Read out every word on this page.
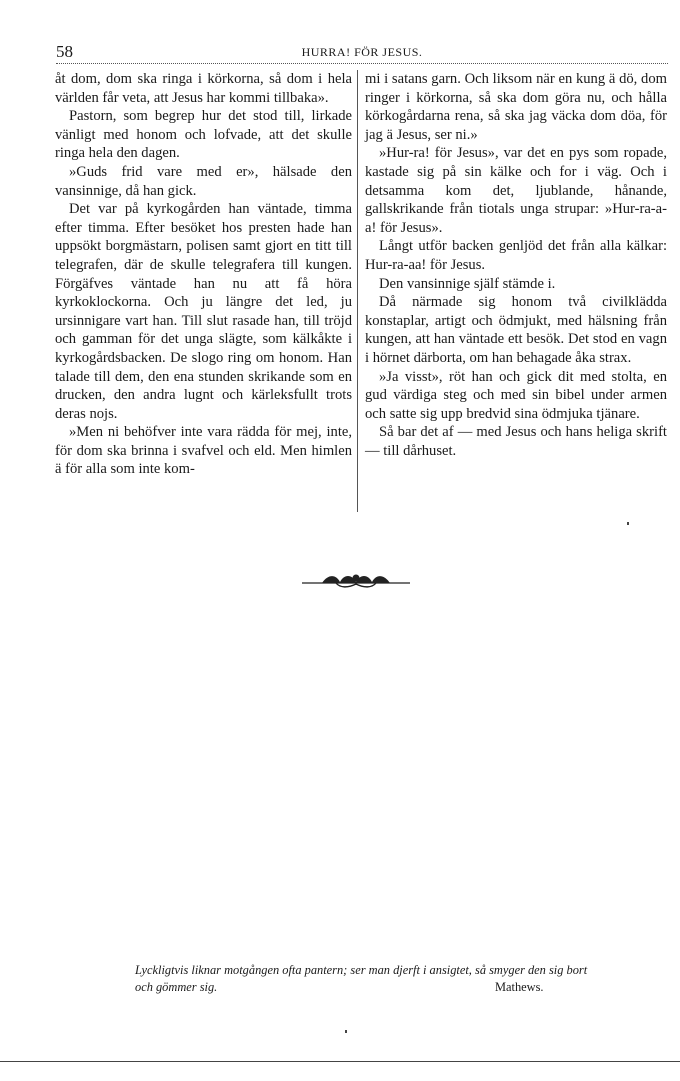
58	HURRA! FÖR JESUS.

åt dom, dom ska ringa i körkorna, så dom i hela världen får veta, att Jesus har kommi tillbaka».

Pastorn, som begrep hur det stod till, lirkade vänligt med honom och lofvade, att det skulle ringa hela den dagen.

»Guds frid vare med er», hälsade den vansinnige, då han gick.

Det var på kyrkogården han väntade, timma efter timma. Efter besöket hos presten hade han uppsökt borgmästarn, polisen samt gjort en titt till telegrafen, där de skulle telegrafera till kungen. Förgäfves väntade han nu att få höra kyrkoklockorna. Och ju längre det led, ju ursinnigare vart han. Till slut rasade han, till tröjd och gamman för det unga slägte, som kälkåkte i kyrkogårdsbacken. De slogo ring om honom. Han talade till dem, den ena stunden skrikande som en drucken, den andra lugnt och kärleksfullt trots deras nojs.

»Men ni behöfver inte vara rädda för mej, inte, för dom ska brinna i svafvel och eld. Men himlen ä för alla som inte kom-

mi i satans garn. Och liksom när en kung ä dö, dom ringer i körkorna, så ska dom göra nu, och hålla körkogårdarna rena, så ska jag väcka dom döa, för jag ä Jesus, ser ni.»

»Hur-ra! för Jesus», var det en pys som ropade, kastade sig på sin kälke och for i väg. Och i detsamma kom det, ljublande, hånande, gallskrikande från tiotals unga strupar: »Hur-ra-a-a! för Jesus».

Långt utför backen genljöd det från alla kälkar: Hur-ra-aa! för Jesus.

Den vansinnige själf stämde i.

Då närmade sig honom två civilklädda konstaplar, artigt och ödmjukt, med hälsning från kungen, att han väntade ett besök. Det stod en vagn i hörnet därborta, om han behagade åka strax.

»Ja visst», röt han och gick dit med stolta, en gud värdiga steg och med sin bibel under armen och satte sig upp bredvid sina ödmjuka tjänare.

Så bar det af — med Jesus och hans heliga skrift — till dårhuset.

Lyckligtvis liknar motgången ofta pantern; ser man djerft i ansigtet, så smyger den sig bort och gömmer sig.	Mathews.
